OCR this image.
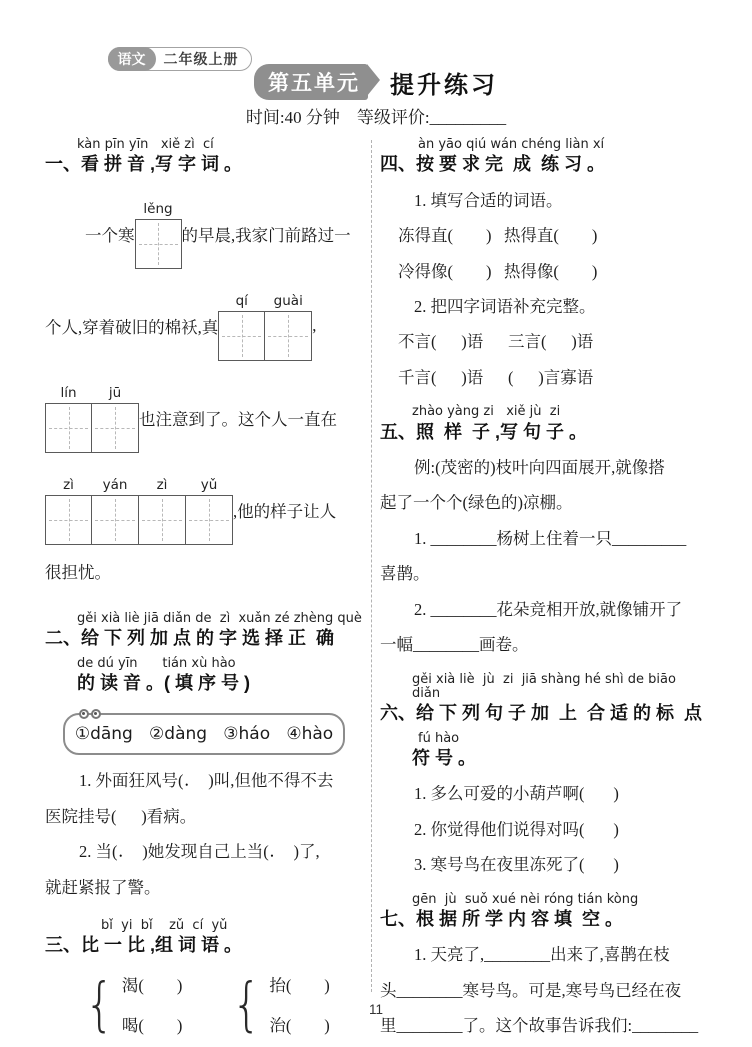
语文	二年级上册
第五单元	提升练习
时间:40 分钟    等级评价:_________
kàn pīn yīn   xiě zì  cí
一、看 拼 音 ,写 字 词 。
一个寒
lěng
的早晨,我家门前路过一
个人,穿着破旧的棉袄,真
qí	guài
,
lín	jū
也注意到了。这个人一直在
zì	yán	zì	yǔ
,他的样子让人
很担忧。
gěi xià liè jiā diǎn de  zì  xuǎn zé zhèng què
二、给 下 列 加 点 的 字 选 择 正  确
de dú yīn      tián xù hào
的 读 音 。( 填 序 号 )
①dāng   ②dàng   ③háo   ④hào
1. 外面狂风号(      )叫,但他不得不去
医院挂号(      )看病。
2. 当(      )她发现自己上当(      )了,
就赶紧报了警。
bǐ  yi  bǐ    zǔ  cí  yǔ
三、比 一 比 ,组 词 语 。
{ 渴(        )
喝(        ) { 抬(        )
治(        )
àn yāo qiú wán chéng liàn xí
四、按 要 求 完  成  练 习 。
1. 填写合适的词语。
冻得直(        )   热得直(        )
冷得像(        )   热得像(        )
2. 把四字词语补充完整。
不言(      )语      三言(      )语
千言(      )语      (      )言寡语
zhào yàng zi   xiě jù  zi
五、照  样  子 ,写 句 子 。
例:(茂密的)枝叶向四面展开,就像搭
起了一个个(绿色的)凉棚。
1. ________杨树上住着一只_________
喜鹊。
2. ________花朵竞相开放,就像铺开了
一幅________画卷。
gěi xià liè  jù  zi  jiā shàng hé shì de biāo diǎn
六、给 下 列 句 子 加  上  合 适 的 标  点
fú hào
符 号 。
1. 多么可爱的小葫芦啊(       )
2. 你觉得他们说得对吗(       )
3. 寒号鸟在夜里冻死了(       )
gēn  jù  suǒ xué nèi róng tián kòng
七、根 据 所 学 内 容 填  空 。
1. 天亮了,________出来了,喜鹊在枝
头________寒号鸟。可是,寒号鸟已经在夜
里________了。这个故事告诉我们:________
11
